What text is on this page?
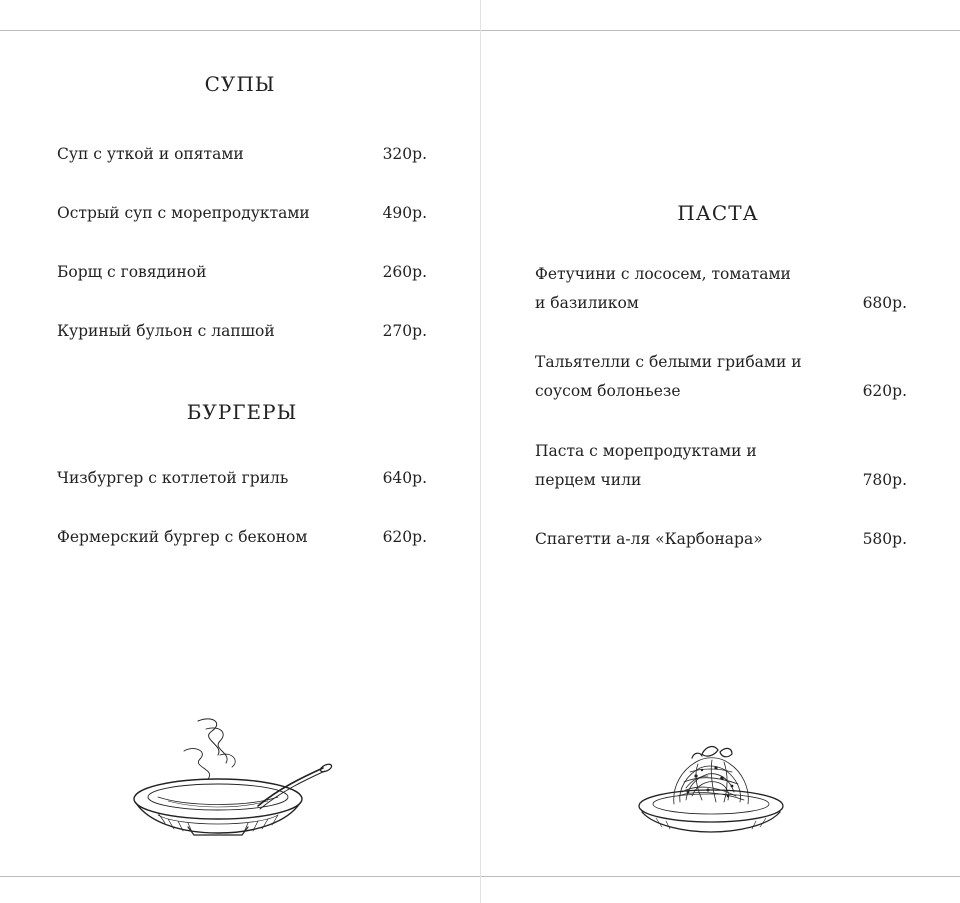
СУПЫ
Суп с уткой и опятами	320р.
Острый суп с морепродуктами	490р.
Борщ с говядиной	260р.
Куриный бульон с лапшой	270р.
БУРГЕРЫ
Чизбургер с котлетой гриль	640р.
Фермерский бургер с беконом	620р.
ПАСТА
Фетучини с лососем, томатами
и базиликом	680р.
Тальятелли с белыми грибами и
соусом болоньезе	620р.
Паста с морепродуктами и
перцем чили	780р.
Спагетти а-ля «Карбонара»	580р.
